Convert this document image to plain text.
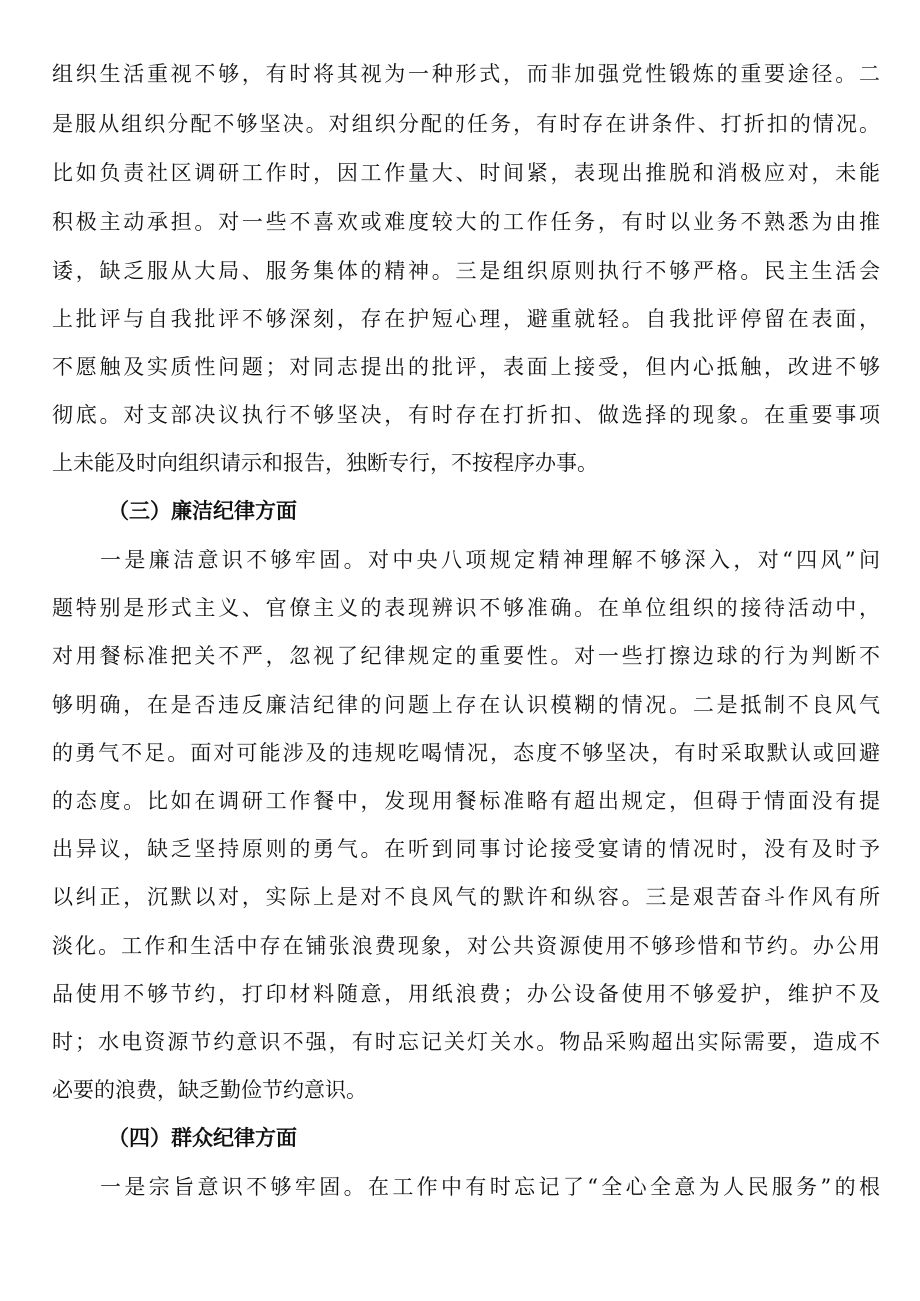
组织生活重视不够，有时将其视为一种形式，而非加强党性锻炼的重要途径。二
是服从组织分配不够坚决。对组织分配的任务，有时存在讲条件、打折扣的情况。
比如负责社区调研工作时，因工作量大、时间紧，表现出推脱和消极应对，未能
积极主动承担。对一些不喜欢或难度较大的工作任务，有时以业务不熟悉为由推
诿，缺乏服从大局、服务集体的精神。三是组织原则执行不够严格。民主生活会
上批评与自我批评不够深刻，存在护短心理，避重就轻。自我批评停留在表面，
不愿触及实质性问题；对同志提出的批评，表面上接受，但内心抵触，改进不够
彻底。对支部决议执行不够坚决，有时存在打折扣、做选择的现象。在重要事项
上未能及时向组织请示和报告，独断专行，不按程序办事。
（三）廉洁纪律方面
一是廉洁意识不够牢固。对中央八项规定精神理解不够深入，对“四风”问
题特别是形式主义、官僚主义的表现辨识不够准确。在单位组织的接待活动中，
对用餐标准把关不严，忽视了纪律规定的重要性。对一些打擦边球的行为判断不
够明确，在是否违反廉洁纪律的问题上存在认识模糊的情况。二是抵制不良风气
的勇气不足。面对可能涉及的违规吃喝情况，态度不够坚决，有时采取默认或回避
的态度。比如在调研工作餐中，发现用餐标准略有超出规定，但碍于情面没有提
出异议，缺乏坚持原则的勇气。在听到同事讨论接受宴请的情况时，没有及时予
以纠正，沉默以对，实际上是对不良风气的默许和纵容。三是艰苦奋斗作风有所
淡化。工作和生活中存在铺张浪费现象，对公共资源使用不够珍惜和节约。办公用
品使用不够节约，打印材料随意，用纸浪费；办公设备使用不够爱护，维护不及
时；水电资源节约意识不强，有时忘记关灯关水。物品采购超出实际需要，造成不
必要的浪费，缺乏勤俭节约意识。
（四）群众纪律方面
一是宗旨意识不够牢固。在工作中有时忘记了“全心全意为人民服务”的根
